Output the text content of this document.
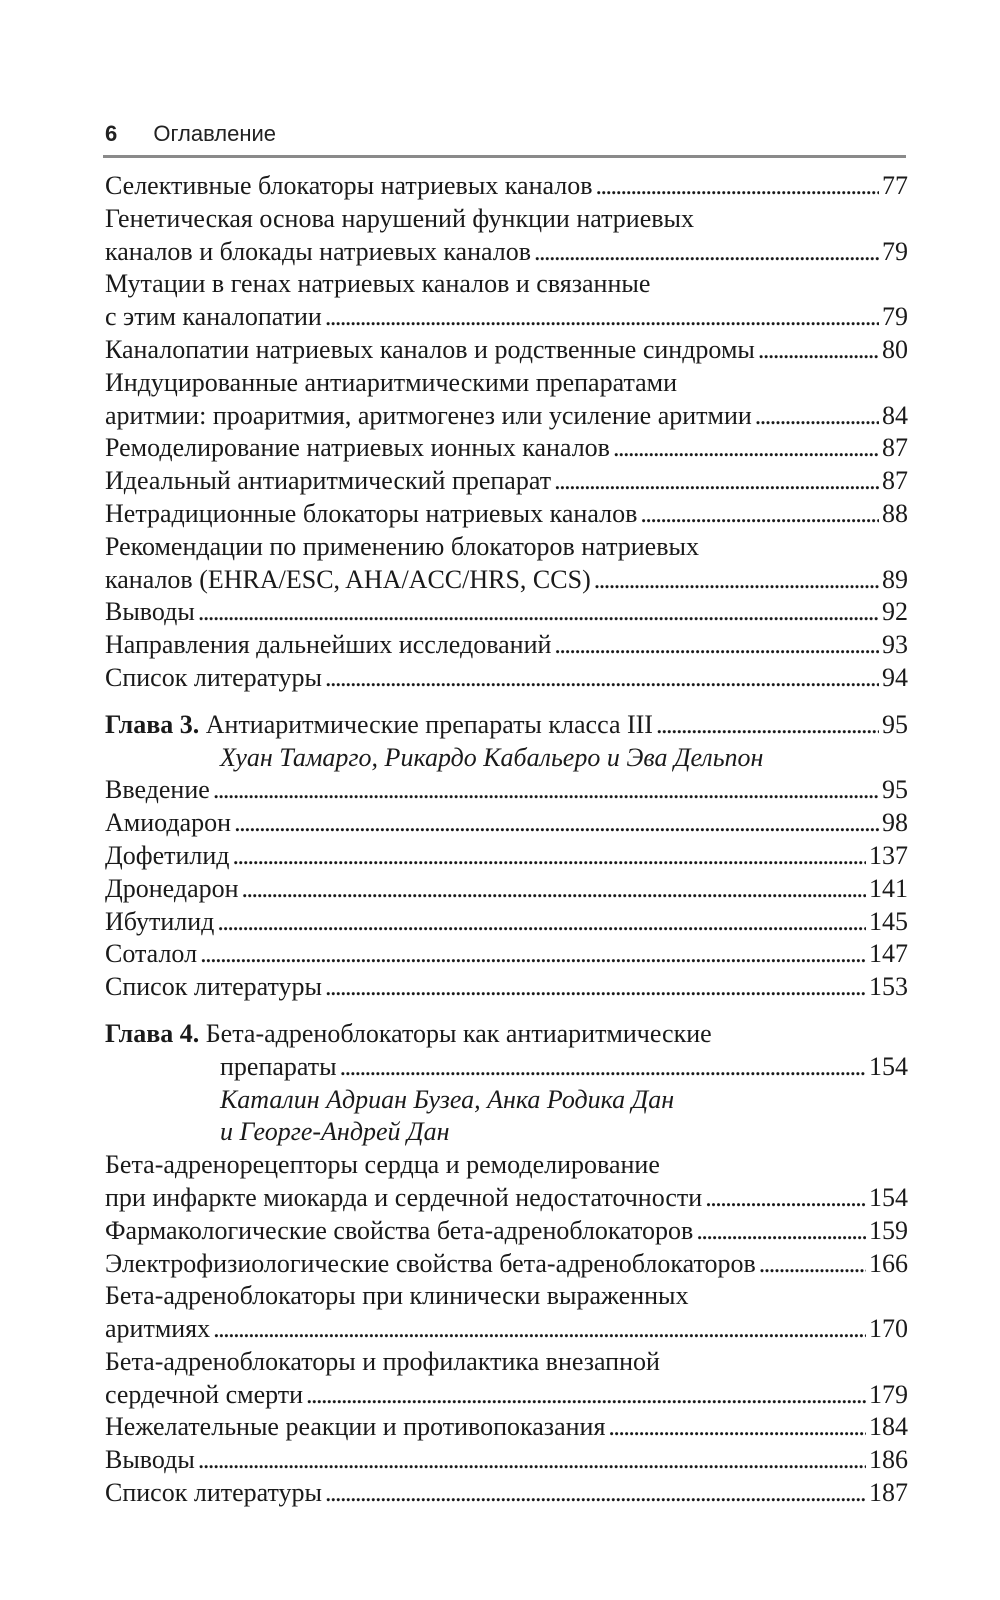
6 Оглавление
Селективные блокаторы натриевых каналов . . .	77
Генетическая основа нарушений функции натриевых
каналов и блокады натриевых каналов . . .	79
Мутации в генах натриевых каналов и связанные
с этим каналопатии . . .	79
Каналопатии натриевых каналов и родственные синдромы . . .	80
Индуцированные антиаритмическими препаратами
аритмии: проаритмия, аритмогенез или усиление аритмии . . .	84
Ремоделирование натриевых ионных каналов . . .	87
Идеальный антиаритмический препарат . . .	87
Нетрадиционные блокаторы натриевых каналов . . .	88
Рекомендации по применению блокаторов натриевых
каналов (EHRA/ESC, AHA/ACC/HRS, CCS) . . .	89
Выводы . . .	92
Направления дальнейших исследований . . .	93
Список литературы . . .	94
Глава 3.
Антиаритмические препараты класса III . . .	95
Хуан Тамарго, Рикардо Кабальеро и Эва Дельпон
Введение . . .	95
Амиодарон . . .	98
Дофетилид . . .	137
Дронедарон . . .	141
Ибутилид . . .	145
Соталол . . .	147
Список литературы . . .	153
Глава 4.
Бета-адреноблокаторы как антиаритмические
препараты . . .	154
Каталин Адриан Бузеа, Анка Родика Дан
и Георге-Андрей Дан
Бета-адренорецепторы сердца и ремоделирование
при инфаркте миокарда и сердечной недостаточности . . .	154
Фармакологические свойства бета-адреноблокаторов . . .	159
Электрофизиологические свойства бета-адреноблокаторов . . .	166
Бета-адреноблокаторы при клинически выраженных
аритмиях . . .	170
Бета-адреноблокаторы и профилактика внезапной
сердечной смерти . . .	179
Нежелательные реакции и противопоказания . . .	184
Выводы . . .	186
Список литературы . . .	187
